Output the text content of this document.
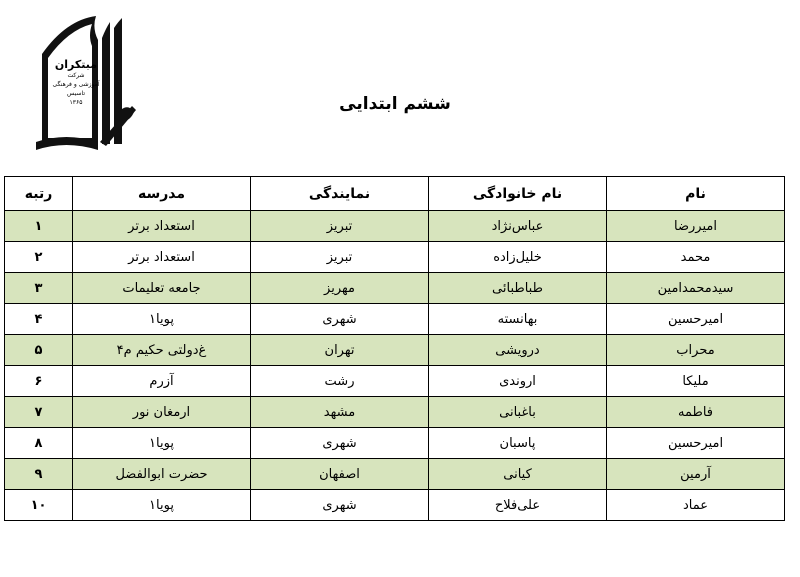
مبتکران
شرکت
آموزشی و فرهنگی
تاسیس
۱۳۶۵	ششم ابتدایی
نام	نام خانوادگی	نمایندگی	مدرسه	رتبه
امیررضا	عباس‌نژاد	تبریز	استعداد برتر	۱
محمد	خلیل‌زاده	تبریز	استعداد برتر	۲
سیدمحمدامین	طباطبائی	مهریز	جامعه تعلیمات	۳
امیرحسین	بهانسته	شهری	پویا۱	۴
محراب	درویشی	تهران	غ‌دولتی حکیم م۴	۵
ملیکا	اروندی	رشت	آزرم	۶
فاطمه	باغبانی	مشهد	ارمغان نور	۷
امیرحسین	پاسبان	شهری	پویا۱	۸
آرمین	کیانی	اصفهان	حضرت ابوالفضل	۹
عماد	علی‌فلاح	شهری	پویا۱	۱۰
